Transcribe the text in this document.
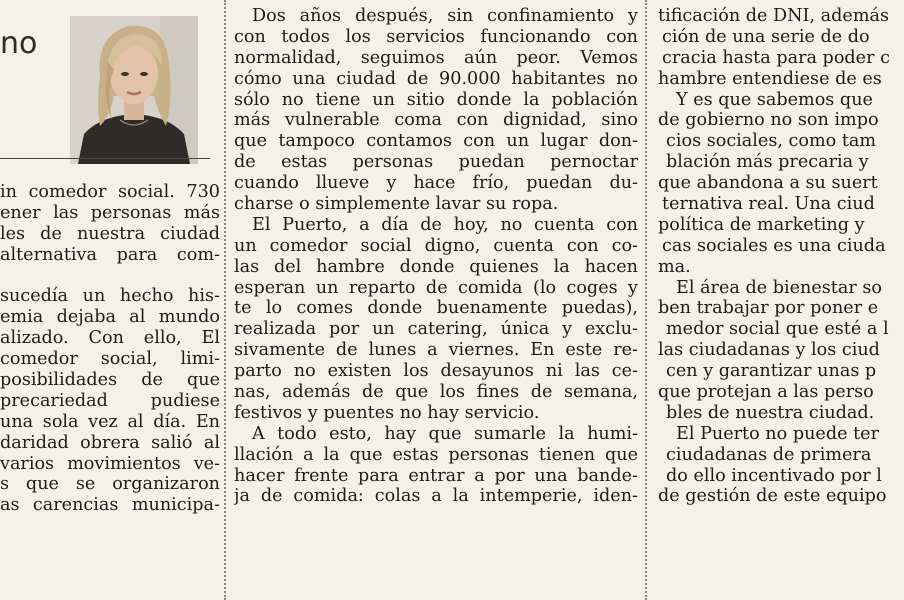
no
in comedor social. 730
ener las personas más
les de nuestra ciudad
alternativa para com-
sucedía un hecho his-
emia dejaba al mundo
alizado. Con ello, El
comedor social, limi-
posibilidades de que
precariedad pudiese
una sola vez al día. En
daridad obrera salió al
varios movimientos ve-
s que se organizaron
as carencias municipa-
Dos años después, sin confinamiento y
con todos los servicios funcionando con
normalidad, seguimos aún peor. Vemos
cómo una ciudad de 90.000 habitantes no
sólo no tiene un sitio donde la población
más vulnerable coma con dignidad, sino
que tampoco contamos con un lugar don-
de estas personas puedan pernoctar
cuando llueve y hace frío, puedan du-
charse o simplemente lavar su ropa.
El Puerto, a día de hoy, no cuenta con
un comedor social digno, cuenta con co-
las del hambre donde quienes la hacen
esperan un reparto de comida (lo coges y
te lo comes donde buenamente puedas),
realizada por un catering, única y exclu-
sivamente de lunes a viernes. En este re-
parto no existen los desayunos ni las ce-
nas, además de que los fines de semana,
festivos y puentes no hay servicio.
A todo esto, hay que sumarle la humi-
llación a la que estas personas tienen que
hacer frente para entrar a por una bande-
ja de comida: colas a la intemperie, iden-
tificación de DNI, además
ción de una serie de do
cracia hasta para poder c
hambre entendiese de es
Y es que sabemos que
de gobierno no son impo
cios sociales, como tam
blación más precaria y
que abandona a su suert
ternativa real. Una ciud
política de marketing y
cas sociales es una ciuda
ma.
El área de bienestar so
ben trabajar por poner e
medor social que esté a l
las ciudadanas y los ciud
cen y garantizar unas p
que protejan a las perso
bles de nuestra ciudad.
El Puerto no puede ter
ciudadanas de primera
do ello incentivado por l
de gestión de este equipo
